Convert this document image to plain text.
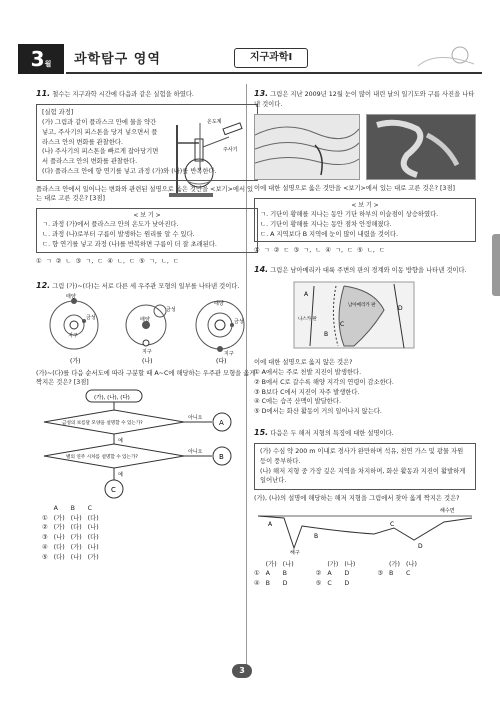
3월	과학탐구 영역	지구과학Ⅰ
11. 철수는 지구과학 시간에 다음과 같은 실험을 하였다.
[실험 과정]
(가) 그림과 같이 플라스크 안에 물을 약간 넣고, 주사기의 피스톤을 당겨 넣으면서 플라스크 안의 변화를 관찰한다.
(나) 주사기의 피스톤을 빠르게 잡아당기면서 플라스크 안의 변화를 관찰한다.
(다) 플라스크 안에 향 연기를 넣고 과정 (가)와 (나)를 반복한다.
온도계
주사기
플라스크 안에서 일어나는 변화와 관련된 설명으로 옳은 것만을 <보기>에서 있는 대로 고른 것은? [3점]
< 보 기 >
ㄱ. 과정 (가)에서 플라스크 안의 온도가 낮아진다.
ㄴ. 과정 (나)로부터 구름이 발생하는 원리를 알 수 있다.
ㄷ. 향 연기를 넣고 과정 (나)를 반복하면 구름이 더 잘 초래된다.
① ㄱ ② ㄴ ③ ㄱ, ㄷ ④ ㄴ, ㄷ ⑤ ㄱ, ㄴ, ㄷ
12. 그림 (가)~(다)는 서로 다른 세 우주관 모형의 일부를 나타낸 것이다.
태양
금성
지구
(가)
태양
금성
지구
(나)
태양
금성
지구
(다)
(가)~(다)를 다음 순서도에 따라 구분할 때 A~C에 해당하는 우주관 모형을 옳게 짝지은 것은? [3점]
(가), (나), (다)
금성의 보름달 모양을 설명할 수 있는가?
아니오
A
예
별의 연주 시차를 설명할 수 있는가?
아니오
B
예
C
	A	B	C
①	(가)	(나)	(다)
②	(가)	(다)	(나)
③	(나)	(가)	(다)
④	(다)	(가)	(나)
⑤	(다)	(나)	(가)
13. 그림은 지난 2009년 12월 눈이 많이 내린 날의 일기도와 구름 사진을 나타낸 것이다.
이에 대한 설명으로 옳은 것만을 <보기>에서 있는 대로 고른 것은? [3점]
< 보 기 >
ㄱ. 기단이 황해를 지나는 동안 기단 하부의 이슬점이 상승하였다.
ㄴ. 기단이 황해를 지나는 동안 점차 안정해졌다.
ㄷ. A 지역보다 B 지역에 눈이 많이 내렸을 것이다.
① ㄱ ② ㄷ ③ ㄱ, ㄴ ④ ㄱ, ㄷ ⑤ ㄴ, ㄷ
14. 그림은 남아메리카 대륙 주변의 판의 경계와 이동 방향을 나타낸 것이다.
남아메리카 판
나스카 판
A
B
C
D
이에 대한 설명으로 옳지 않은 것은?
① A에서는 주로 천발 지진이 발생한다.
② B에서 C로 갈수록 해양 지각의 연령이 감소한다.
③ B보다 C에서 지진이 자주 발생한다.
④ C에는 습곡 산맥이 발달한다.
⑤ D에서는 화산 활동이 거의 일어나지 않는다.
15. 다음은 두 해저 지형의 특징에 대한 설명이다.
(가) 수심 약 200 m 이내로 경사가 완만하며 석유, 천연 가스 및 광물 자원 등이 풍부하다.
(나) 해저 지형 중 가장 깊은 지역을 차지하며, 화산 활동과 지진이 활발하게 일어난다.
(가), (나)의 설명에 해당하는 해저 지형을 그림에서 찾아 옳게 짝지은 것은?
해수면
해구
A
B
C
D
	(가)	(나)			(가)	(나)			(가)	(나)
①	A	B		②	A	D		③	B	C
④	B	D		⑤	C	D				
3
